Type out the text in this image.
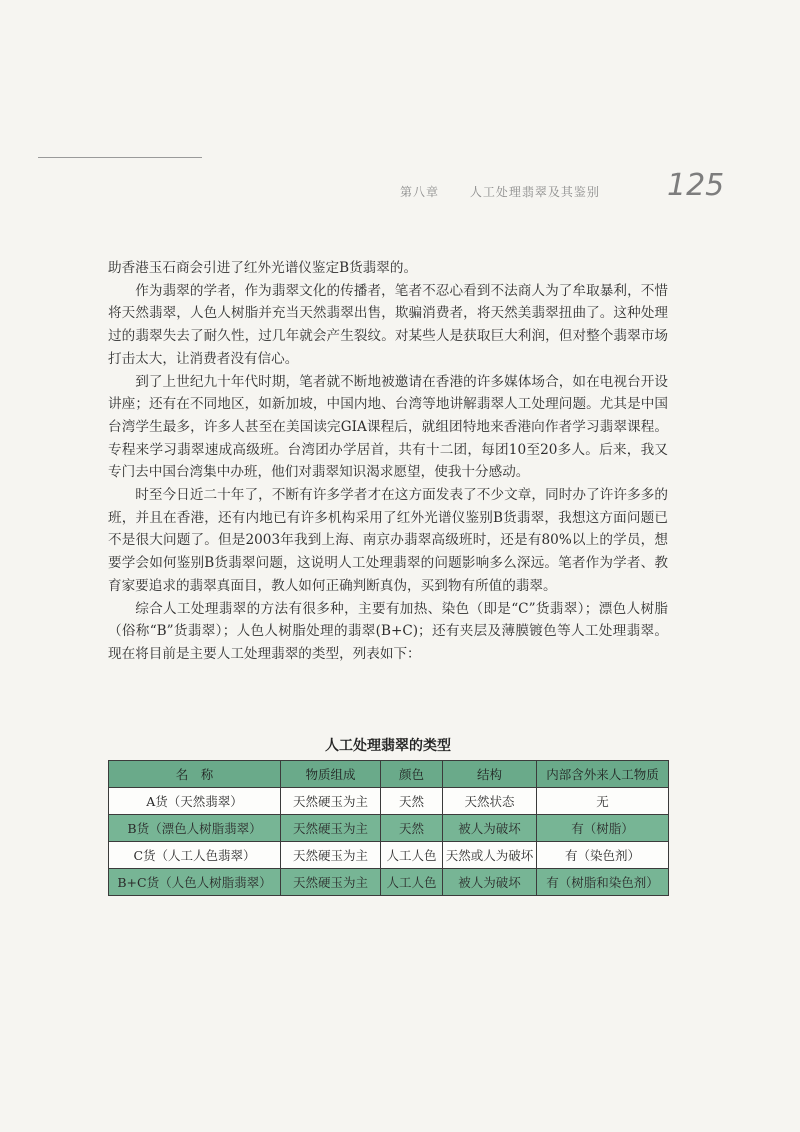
第八章	人工处理翡翠及其鉴别 125

助香港玉石商会引进了红外光谱仪鉴定B货翡翠的。

作为翡翠的学者，作为翡翠文化的传播者，笔者不忍心看到不法商人为了牟取暴利，不惜将天然翡翠，人色人树脂并充当天然翡翠出售，欺骗消费者，将天然美翡翠扭曲了。这种处理过的翡翠失去了耐久性，过几年就会产生裂纹。对某些人是获取巨大利润，但对整个翡翠市场打击太大，让消费者没有信心。

到了上世纪九十年代时期，笔者就不断地被邀请在香港的许多媒体场合，如在电视台开设讲座；还有在不同地区，如新加坡，中国内地、台湾等地讲解翡翠人工处理问题。尤其是中国台湾学生最多，许多人甚至在美国读完GIA课程后，就组团特地来香港向作者学习翡翠课程。专程来学习翡翠速成高级班。台湾团办学居首，共有十二团，每团10至20多人。后来，我又专门去中国台湾集中办班，他们对翡翠知识渴求愿望，使我十分感动。

时至今日近二十年了，不断有许多学者才在这方面发表了不少文章，同时办了许许多多的班，并且在香港，还有内地已有许多机构采用了红外光谱仪鉴别B货翡翠，我想这方面问题已不是很大问题了。但是2003年我到上海、南京办翡翠高级班时，还是有80%以上的学员，想要学会如何鉴别B货翡翠问题，这说明人工处理翡翠的问题影响多么深远。笔者作为学者、教育家要追求的翡翠真面目，教人如何正确判断真伪，买到物有所值的翡翠。

综合人工处理翡翠的方法有很多种，主要有加热、染色（即是“C”货翡翠）；漂色人树脂（俗称“B”货翡翠）；人色人树脂处理的翡翠(B+C)；还有夹层及薄膜镀色等人工处理翡翠。现在将目前是主要人工处理翡翠的类型，列表如下：

人工处理翡翠的类型
名　称	物质组成	颜色	结构	内部含外来人工物质
A货（天然翡翠）	天然硬玉为主	天然	天然状态	无
B货（漂色人树脂翡翠）	天然硬玉为主	天然	被人为破坏	有（树脂）
C货（人工人色翡翠）	天然硬玉为主	人工人色	天然或人为破坏	有（染色剂）
B+C货（人色人树脂翡翠）	天然硬玉为主	人工人色	被人为破坏	有（树脂和染色剂）
